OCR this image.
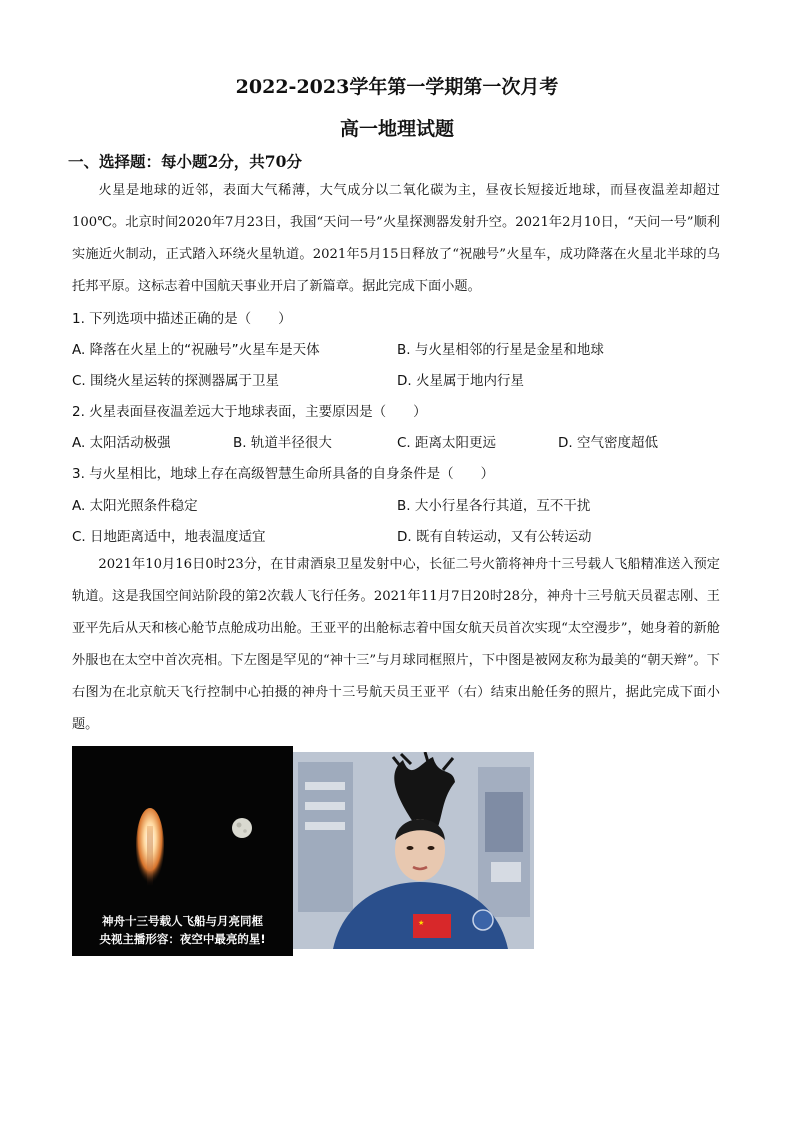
2022-2023学年第一学期第一次月考
高一地理试题
一、选择题：每小题2分，共70分
火星是地球的近邻，表面大气稀薄，大气成分以二氧化碳为主，昼夜长短接近地球，而昼夜温差却超过100℃。北京时间2020年7月23日，我国“天问一号”火星探测器发射升空。2021年2月10日，“天问一号”顺利实施近火制动，正式踏入环绕火星轨道。2021年5月15日释放了“祝融号”火星车，成功降落在火星北半球的乌托邦平原。这标志着中国航天事业开启了新篇章。据此完成下面小题。
1. 下列选项中描述正确的是（　　）
A. 降落在火星上的“祝融号”火星车是天体	B. 与火星相邻的行星是金星和地球
C. 围绕火星运转的探测器属于卫星	D. 火星属于地内行星
2. 火星表面昼夜温差远大于地球表面，主要原因是（　　）
A. 太阳活动极强	B. 轨道半径很大	C. 距离太阳更远	D. 空气密度超低
3. 与火星相比，地球上存在高级智慧生命所具备的自身条件是（　　）
A. 太阳光照条件稳定	B. 大小行星各行其道，互不干扰
C. 日地距离适中，地表温度适宜	D. 既有自转运动，又有公转运动
2021年10月16日0时23分，在甘肃酒泉卫星发射中心，长征二号火箭将神舟十三号载人飞船精准送入预定轨道。这是我国空间站阶段的第2次载人飞行任务。2021年11月7日20时28分，神舟十三号航天员翟志刚、王亚平先后从天和核心舱节点舱成功出舱。王亚平的出舱标志着中国女航天员首次实现“太空漫步”，她身着的新舱外服也在太空中首次亮相。下左图是罕见的“神十三”与月球同框照片，下中图是被网友称为最美的“朝天辫”。下右图为在北京航天飞行控制中心拍摄的神舟十三号航天员王亚平（右）结束出舱任务的照片，据此完成下面小题。
神舟十三号载人飞船与月亮同框
央视主播形容：夜空中最亮的星!
★
